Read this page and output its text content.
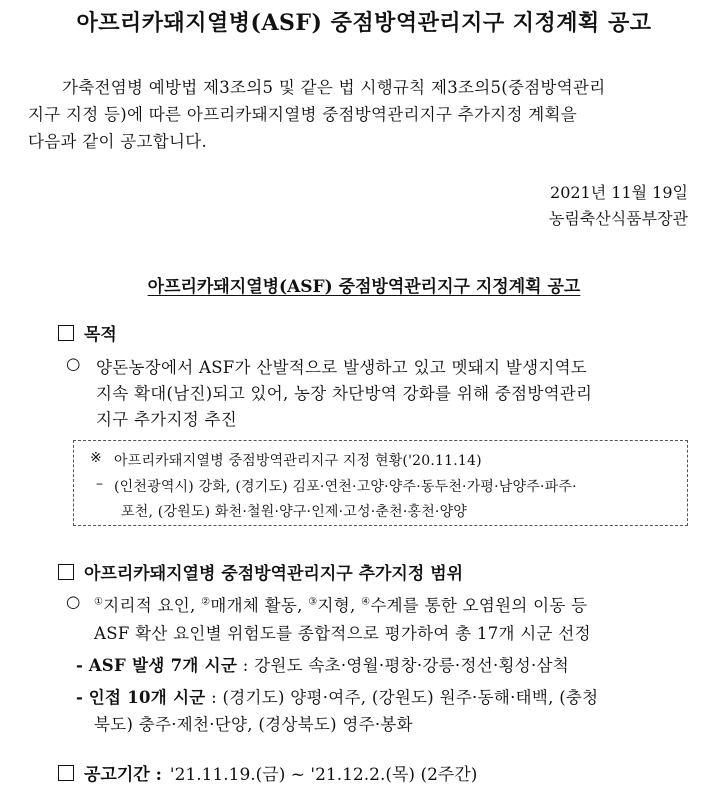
아프리카돼지열병(ASF) 중점방역관리지구 지정계획 공고
가축전염병 예방법 제3조의5 및 같은 법 시행규칙 제3조의5(중점방역관리
지구 지정 등)에 따른 아프리카돼지열병 중점방역관리지구 추가지정 계획을
다음과 같이 공고합니다.
2021년 11월 19일
농림축산식품부장관
아프리카돼지열병(ASF) 중점방역관리지구 지정계획 공고
목적
○ 양돈농장에서 ASF가 산발적으로 발생하고 있고 멧돼지 발생지역도
지속 확대(남진)되고 있어, 농장 차단방역 강화를 위해 중점방역관리
지구 추가지정 추진
※ 아프리카돼지열병 중점방역관리지구 지정 현황('20.11.14)
– (인천광역시) 강화, (경기도) 김포·연천·고양·양주·동두천·가평·남양주·파주·
포천, (강원도) 화천·철원·양구·인제·고성·춘천·홍천·양양
아프리카돼지열병 중점방역관리지구 추가지정 범위
○ ①지리적 요인, ②매개체 활동, ③지형, ④수계를 통한 오염원의 이동 등
ASF 확산 요인별 위험도를 종합적으로 평가하여 총 17개 시군 선정
- ASF 발생 7개 시군 : 강원도 속초·영월·평창·강릉·정선·횡성·삼척
- 인접 10개 시군 : (경기도) 양평·여주, (강원도) 원주·동해·태백, (충청
북도) 충주·제천·단양, (경상북도) 영주·봉화
공고기간 : '21.11.19.(금) ~ '21.12.2.(목) (2주간)
